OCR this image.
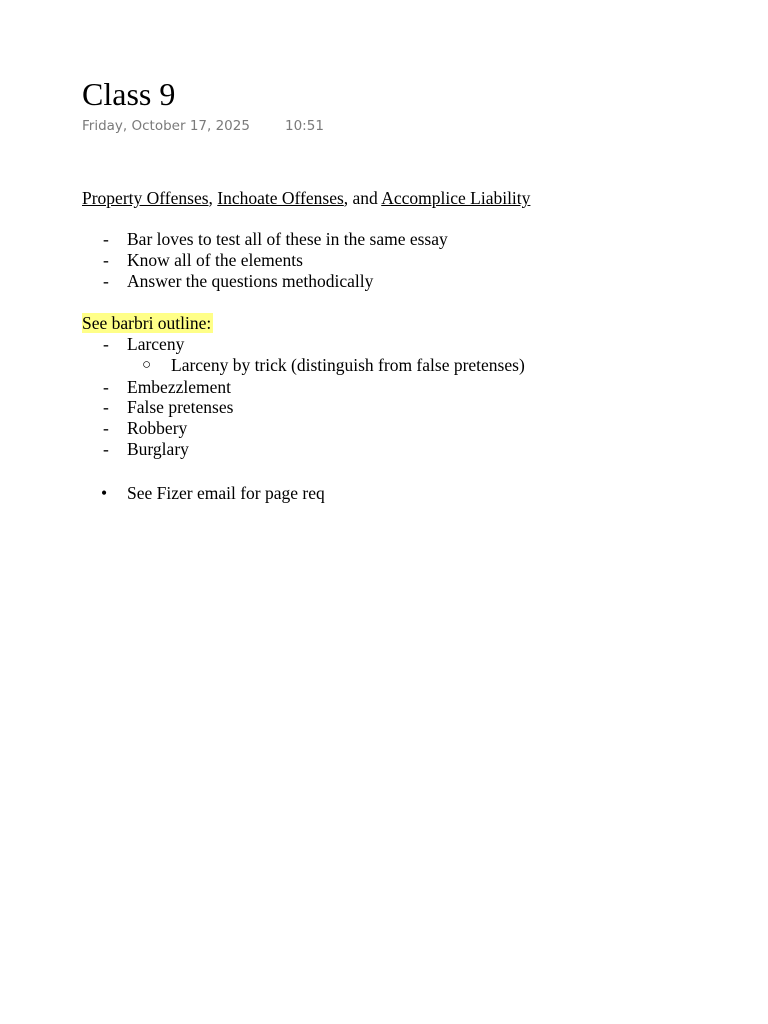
Class 9
Friday, October 17, 2025	10:51
Property Offenses, Inchoate Offenses, and Accomplice Liability
- Bar loves to test all of these in the same essay
- Know all of the elements
- Answer the questions methodically
See barbri outline:
- Larceny
○ Larceny by trick (distinguish from false pretenses)
- Embezzlement
- False pretenses
- Robbery
- Burglary
• See Fizer email for page req
